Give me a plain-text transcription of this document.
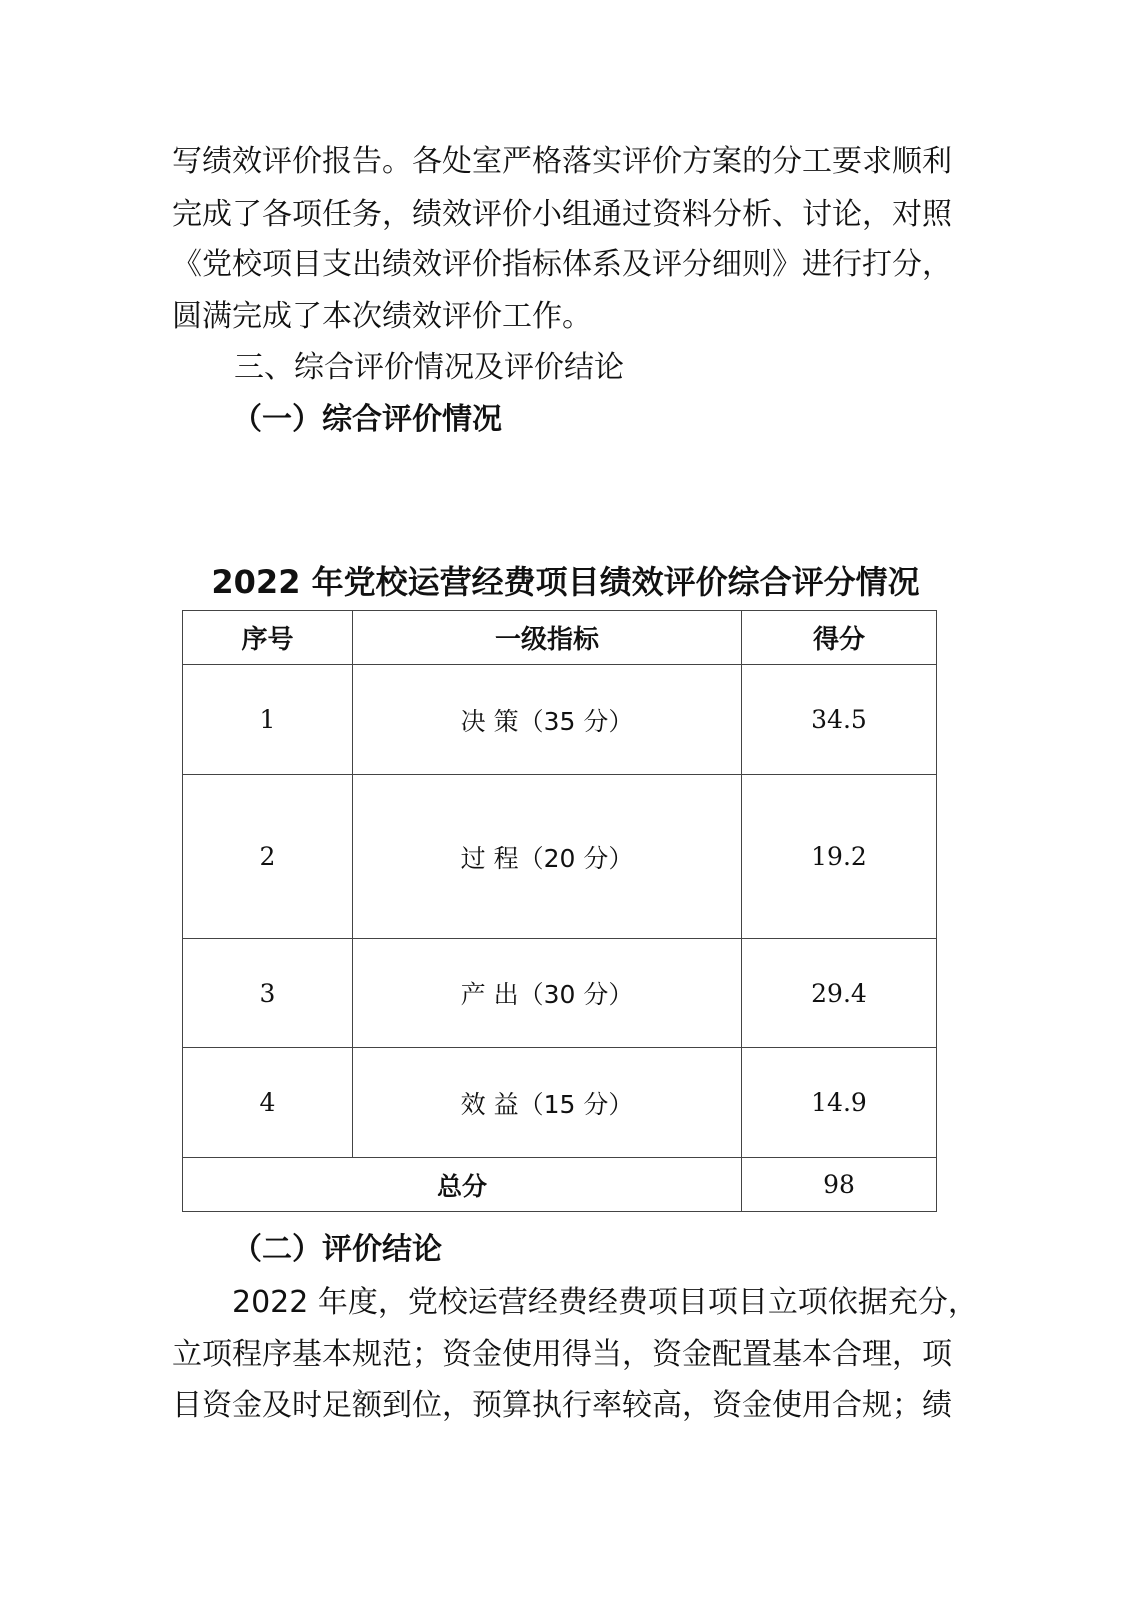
写绩效评价报告。各处室严格落实评价方案的分工要求顺利

完成了各项任务，绩效评价小组通过资料分析、讨论，对照

《党校项目支出绩效评价指标体系及评分细则》进行打分，

圆满完成了本次绩效评价工作。

三、综合评价情况及评价结论

（一）综合评价情况

2022 年党校运营经费项目绩效评价综合评分情况
序号	一级指标	得分
1	决 策（35 分）	34.5
2	过 程（20 分）	19.2
3	产 出（30 分）	29.4
4	效 益（15 分）	14.9
总分		98

（二）评价结论

2022 年度，党校运营经费经费项目项目立项依据充分，

立项程序基本规范；资金使用得当，资金配置基本合理，项

目资金及时足额到位，预算执行率较高，资金使用合规；绩
